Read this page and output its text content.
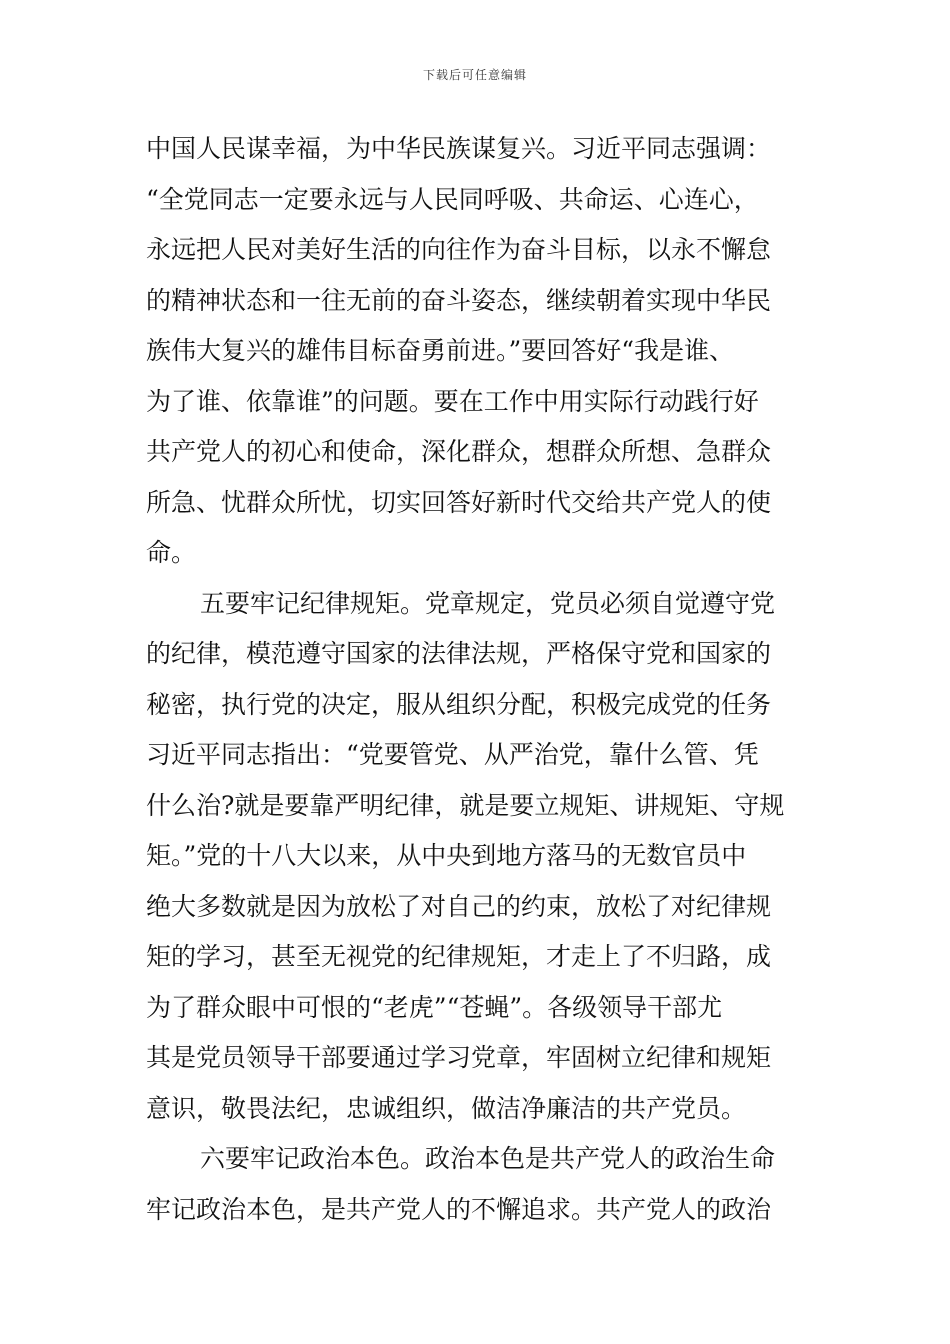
下载后可任意编辑
中国人民谋幸福，为中华民族谋复兴。习近平同志强调：
“全党同志一定要永远与人民同呼吸、共命运、心连心，
永远把人民对美好生活的向往作为奋斗目标，以永不懈怠
的精神状态和一往无前的奋斗姿态，继续朝着实现中华民
族伟大复兴的雄伟目标奋勇前进。”要回答好“我是谁、
为了谁、依靠谁”的问题。要在工作中用实际行动践行好
共产党人的初心和使命，深化群众，想群众所想、急群众
所急、忧群众所忧，切实回答好新时代交给共产党人的使
命。
五要牢记纪律规矩。党章规定，党员必须自觉遵守党
的纪律，模范遵守国家的法律法规，严格保守党和国家的
秘密，执行党的决定，服从组织分配，积极完成党的任务
习近平同志指出：“党要管党、从严治党，靠什么管、凭
什么治?就是要靠严明纪律，就是要立规矩、讲规矩、守规
矩。”党的十八大以来，从中央到地方落马的无数官员中
绝大多数就是因为放松了对自己的约束，放松了对纪律规
矩的学习，甚至无视党的纪律规矩，才走上了不归路，成
为了群众眼中可恨的“老虎”“苍蝇”。各级领导干部尤
其是党员领导干部要通过学习党章，牢固树立纪律和规矩
意识，敬畏法纪，忠诚组织，做洁净廉洁的共产党员。
六要牢记政治本色。政治本色是共产党人的政治生命
牢记政治本色，是共产党人的不懈追求。共产党人的政治
